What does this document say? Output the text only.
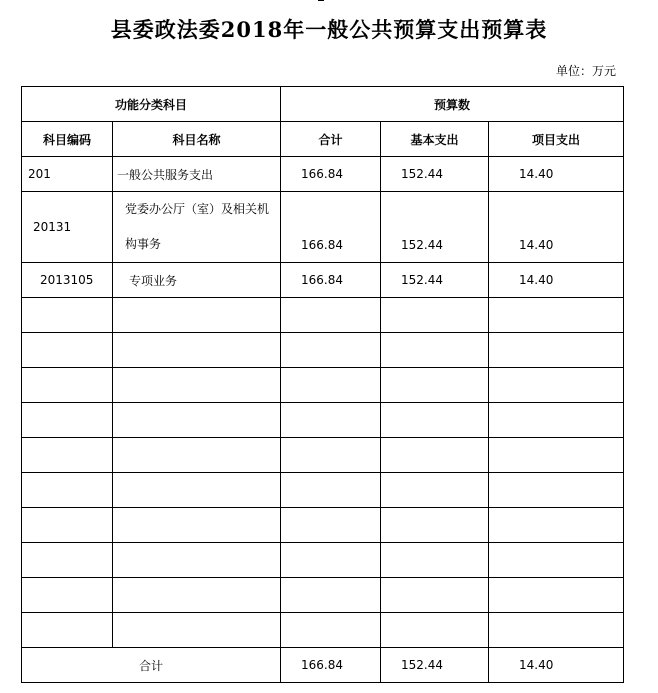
县委政法委2018年一般公共预算支出预算表
单位：万元
功能分类科目		预算数		
科目编码	科目名称	合计	基本支出	项目支出
201	一般公共服务支出	166.84	152.44	14.40
20131	党委办公厅（室）及相关机构事务	166.84	152.44	14.40
2013105	专项业务	166.84	152.44	14.40

合计		166.84	152.44	14.40
